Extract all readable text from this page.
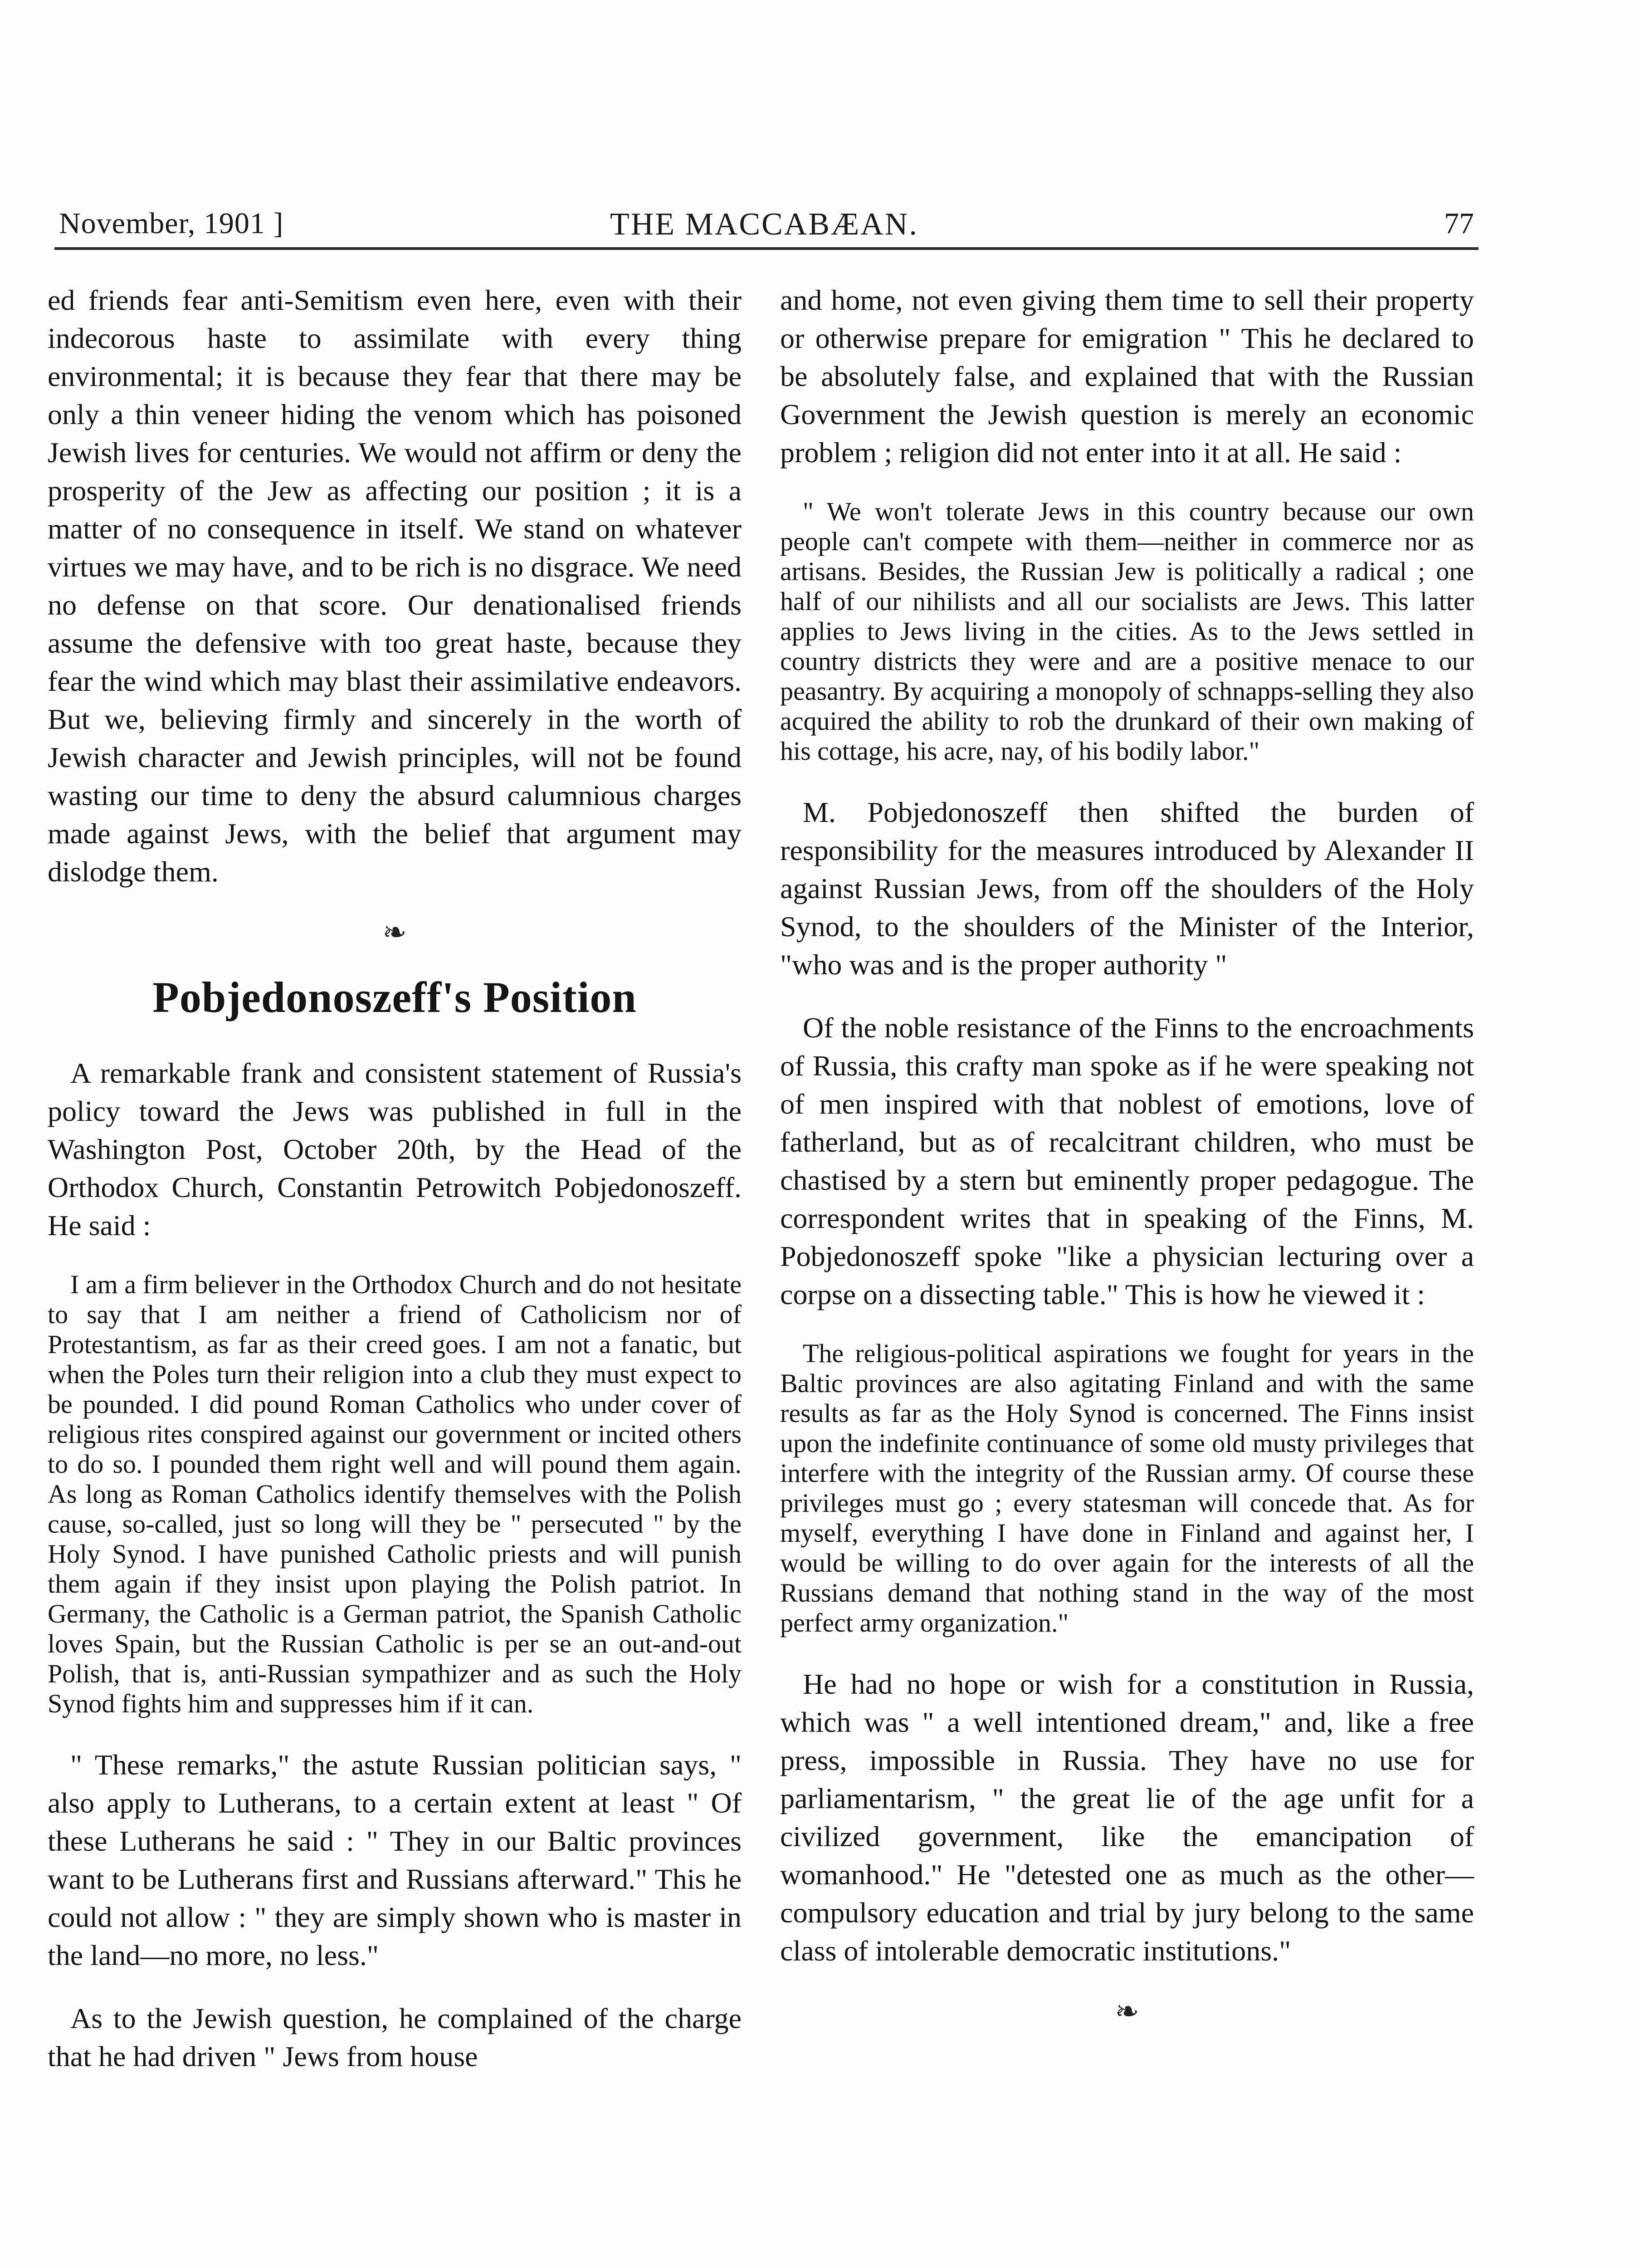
November, 1901 ]	THE MACCABÆAN.	77

ed friends fear anti-Semitism even here, even with their indecorous haste to assimilate with every thing environmental; it is because they fear that there may be only a thin veneer hiding the venom which has poisoned Jewish lives for centuries. We would not affirm or deny the prosperity of the Jew as affecting our position ; it is a matter of no consequence in itself. We stand on whatever virtues we may have, and to be rich is no disgrace. We need no defense on that score. Our denationalised friends assume the defensive with too great haste, because they fear the wind which may blast their assimilative endeavors. But we, believing firmly and sincerely in the worth of Jewish character and Jewish principles, will not be found wasting our time to deny the absurd calumnious charges made against Jews, with the belief that argument may dislodge them.

❧
Pobjedonoszeff's Position

A remarkable frank and consistent statement of Russia's policy toward the Jews was published in full in the Washington Post, October 20th, by the Head of the Orthodox Church, Constantin Petrowitch Pobjedonoszeff. He said :

I am a firm believer in the Orthodox Church and do not hesitate to say that I am neither a friend of Catholicism nor of Protestantism, as far as their creed goes. I am not a fanatic, but when the Poles turn their religion into a club they must expect to be pounded. I did pound Roman Catholics who under cover of religious rites conspired against our government or incited others to do so. I pounded them right well and will pound them again. As long as Roman Catholics identify themselves with the Polish cause, so-called, just so long will they be " persecuted " by the Holy Synod. I have punished Catholic priests and will punish them again if they insist upon playing the Polish patriot. In Germany, the Catholic is a German patriot, the Spanish Catholic loves Spain, but the Russian Catholic is per se an out-and-out Polish, that is, anti-Russian sympathizer and as such the Holy Synod fights him and suppresses him if it can.

" These remarks," the astute Russian politician says, " also apply to Lutherans, to a certain extent at least " Of these Lutherans he said : " They in our Baltic provinces want to be Lutherans first and Russians afterward." This he could not allow : " they are simply shown who is master in the land—no more, no less."

As to the Jewish question, he complained of the charge that he had driven " Jews from house

and home, not even giving them time to sell their property or otherwise prepare for emigration " This he declared to be absolutely false, and explained that with the Russian Government the Jewish question is merely an economic problem ; religion did not enter into it at all. He said :

" We won't tolerate Jews in this country because our own people can't compete with them—neither in commerce nor as artisans. Besides, the Russian Jew is politically a radical ; one half of our nihilists and all our socialists are Jews. This latter applies to Jews living in the cities. As to the Jews settled in country districts they were and are a positive menace to our peasantry. By acquiring a monopoly of schnapps-selling they also acquired the ability to rob the drunkard of their own making of his cottage, his acre, nay, of his bodily labor."

M. Pobjedonoszeff then shifted the burden of responsibility for the measures introduced by Alexander II against Russian Jews, from off the shoulders of the Holy Synod, to the shoulders of the Minister of the Interior, "who was and is the proper authority "

Of the noble resistance of the Finns to the encroachments of Russia, this crafty man spoke as if he were speaking not of men inspired with that noblest of emotions, love of fatherland, but as of recalcitrant children, who must be chastised by a stern but eminently proper pedagogue. The correspondent writes that in speaking of the Finns, M. Pobjedonoszeff spoke "like a physician lecturing over a corpse on a dissecting table." This is how he viewed it :

The religious-political aspirations we fought for years in the Baltic provinces are also agitating Finland and with the same results as far as the Holy Synod is concerned. The Finns insist upon the indefinite continuance of some old musty privileges that interfere with the integrity of the Russian army. Of course these privileges must go ; every statesman will concede that. As for myself, everything I have done in Finland and against her, I would be willing to do over again for the interests of all the Russians demand that nothing stand in the way of the most perfect army organization."

He had no hope or wish for a constitution in Russia, which was " a well intentioned dream," and, like a free press, impossible in Russia. They have no use for parliamentarism, " the great lie of the age unfit for a civilized government, like the emancipation of womanhood." He "detested one as much as the other—compulsory education and trial by jury belong to the same class of intolerable democratic institutions."

❧
